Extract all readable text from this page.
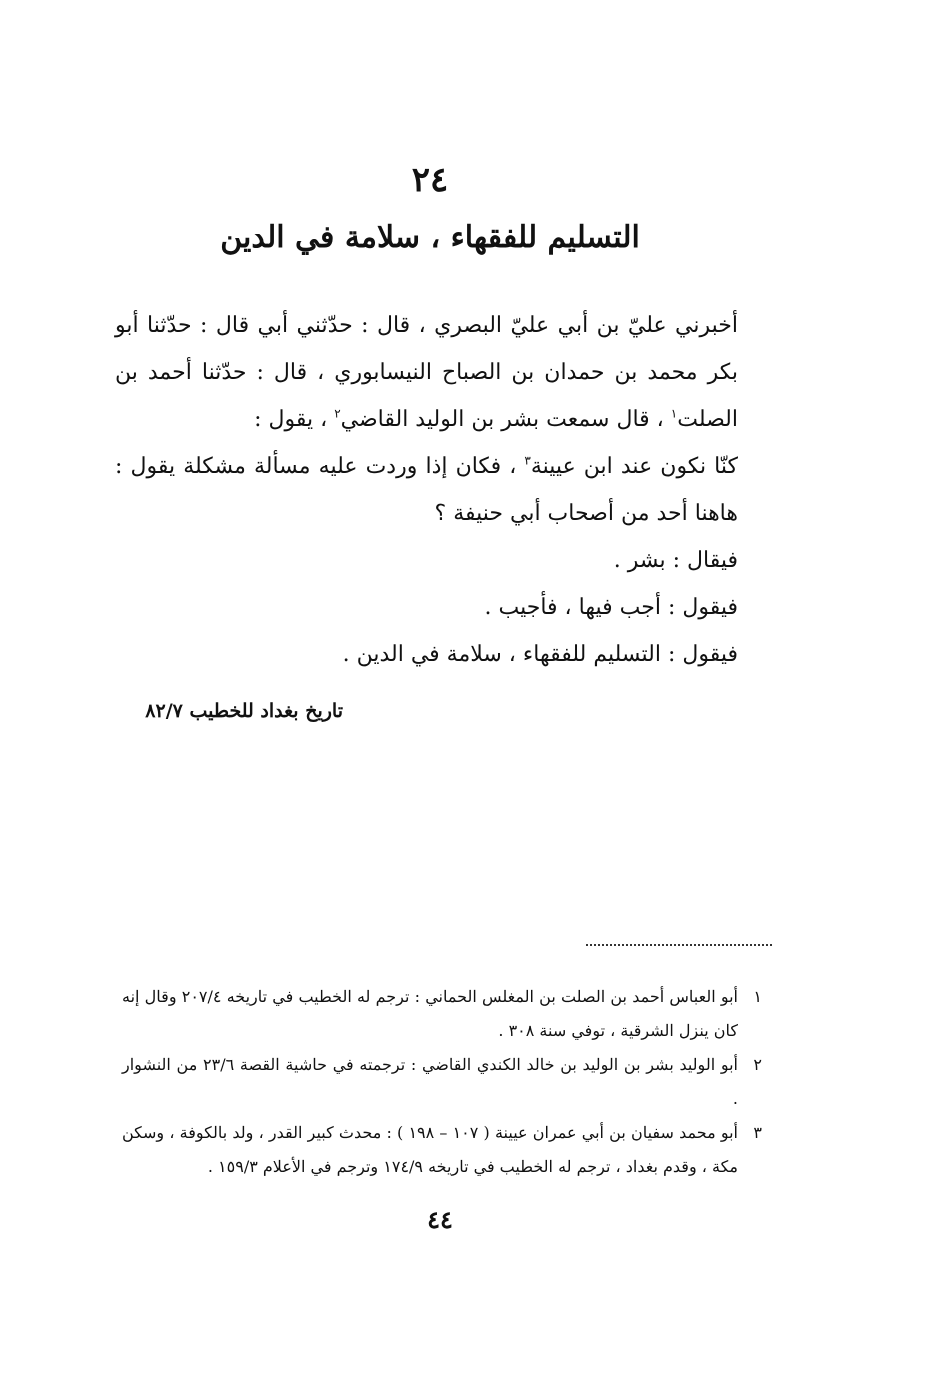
٢٤
التسليم للفقهاء ، سلامة في الدين

أخبرني عليّ بن أبي عليّ البصري ، قال : حدّثني أبي قال : حدّثنا أبو بكر محمد بن حمدان بن الصباح النيسابوري ، قال : حدّثنا أحمد بن الصلت$^١$ ، قال سمعت بشر بن الوليد القاضي$^٢$ ، يقول :

كنّا نكون عند ابن عيينة$^٣$ ، فكان إذا وردت عليه مسألة مشكلة يقول : هاهنا أحد من أصحاب أبي حنيفة ؟

فيقال : بشر .

فيقول : أجب فيها ، فأجيب .

فيقول : التسليم للفقهاء ، سلامة في الدين .

تاريخ بغداد للخطيب ٨٢/٧
١
أبو العباس أحمد بن الصلت بن المغلس الحماني : ترجم له الخطيب في تاريخه ٢٠٧/٤ وقال إنه كان ينزل الشرقية ، توفي سنة ٣٠٨ .
٢
أبو الوليد بشر بن الوليد بن خالد الكندي القاضي : ترجمته في حاشية القصة ٢٣/٦ من النشوار .
٣
أبو محمد سفيان بن أبي عمران عيينة ( ١٠٧ – ١٩٨ ) : محدث كبير القدر ، ولد بالكوفة ، وسكن مكة ، وقدم بغداد ، ترجم له الخطيب في تاريخه ١٧٤/٩ وترجم في الأعلام ١٥٩/٣ .
٤٤
